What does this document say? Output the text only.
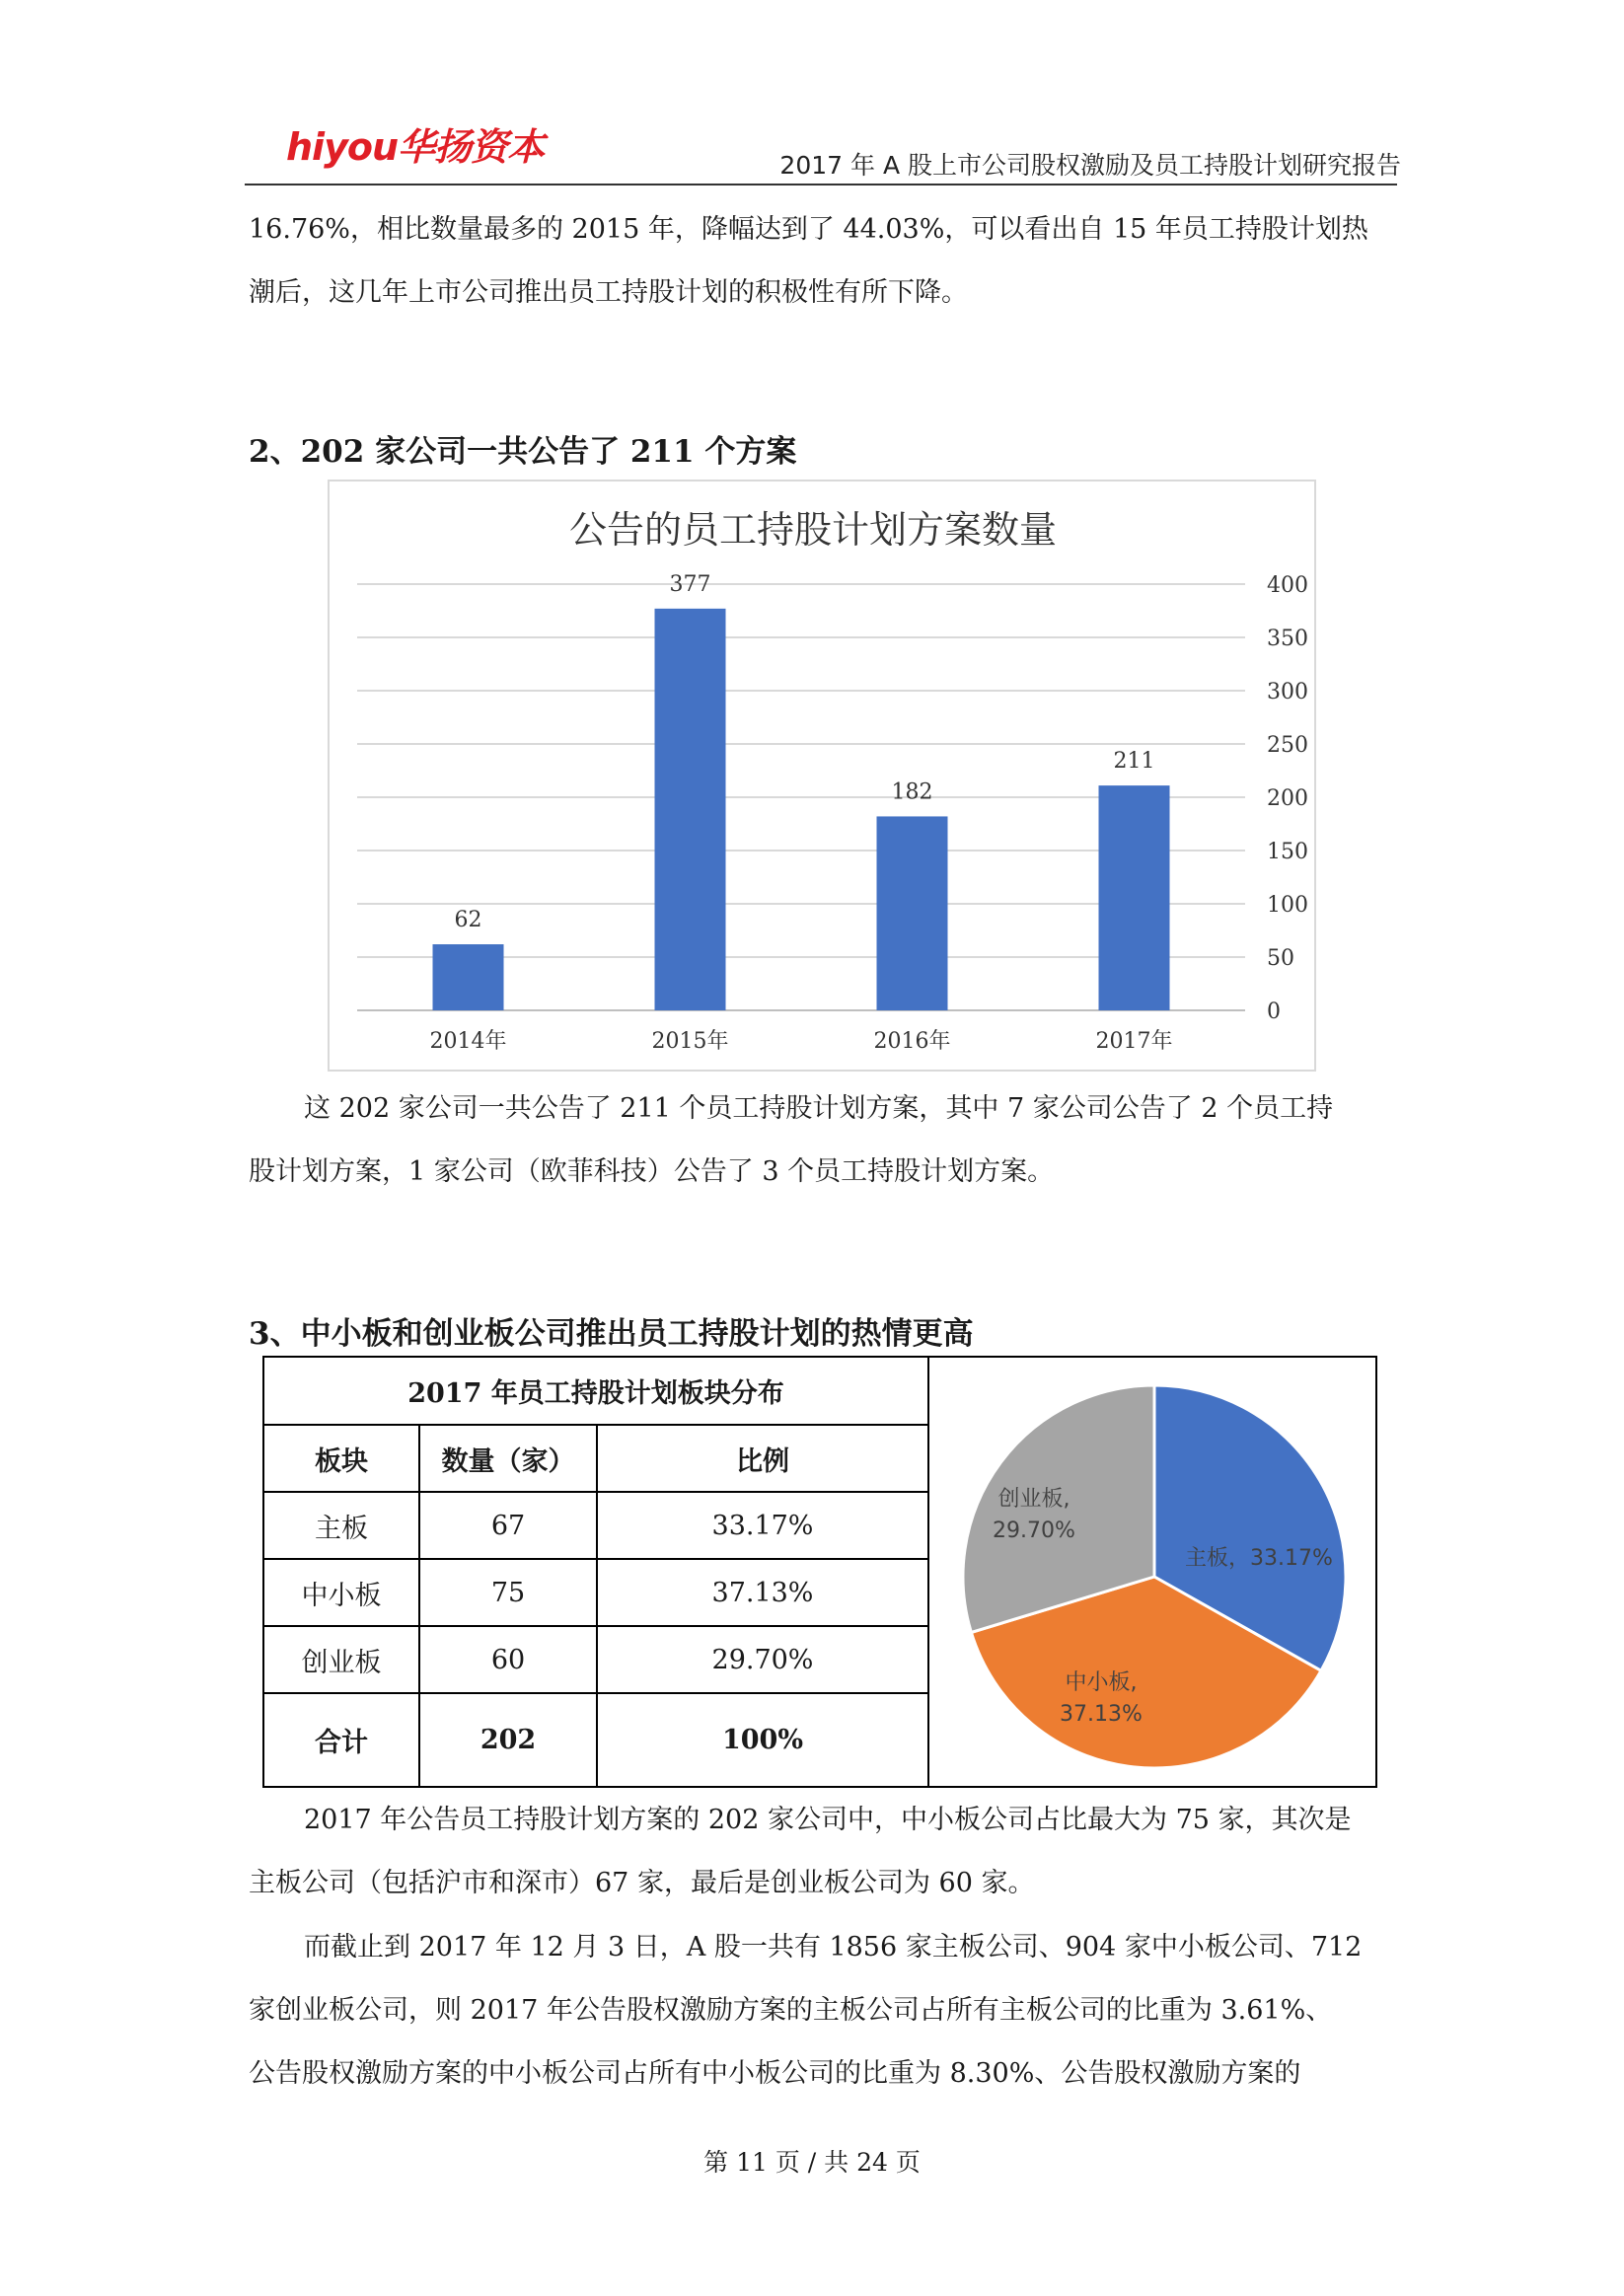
hiyou华扬资本	2017 年 A 股上市公司股权激励及员工持股计划研究报告

16.76%，相比数量最多的 2015 年，降幅达到了 44.03%，可以看出自 15 年员工持股计划热

潮后，这几年上市公司推出员工持股计划的积极性有所下降。

2、202 家公司一共公告了 211 个方案
公告的员工持股计划方案数量
0
50
100
150
200
250
300
350
400
62
2014年
377
2015年
182
2016年
211
2017年

这 202 家公司一共公告了 211 个员工持股计划方案，其中 7 家公司公告了 2 个员工持

股计划方案，1 家公司（欧菲科技）公告了 3 个员工持股计划方案。

3、中小板和创业板公司推出员工持股计划的热情更高
2017 年员工持股计划板块分布		
板块	数量（家）	比例
主板	67	33.17%
中小板	75	37.13%
创业板	60	29.70%
合计	202	100%
主板，33.17%
中小板, 37.13%
创业板, 29.70%

2017 年公告员工持股计划方案的 202 家公司中，中小板公司占比最大为 75 家，其次是

主板公司（包括沪市和深市）67 家，最后是创业板公司为 60 家。

而截止到 2017 年 12 月 3 日，A 股一共有 1856 家主板公司、904 家中小板公司、712

家创业板公司，则 2017 年公告股权激励方案的主板公司占所有主板公司的比重为 3.61%、

公告股权激励方案的中小板公司占所有中小板公司的比重为 8.30%、公告股权激励方案的

第 11 页 / 共 24 页
